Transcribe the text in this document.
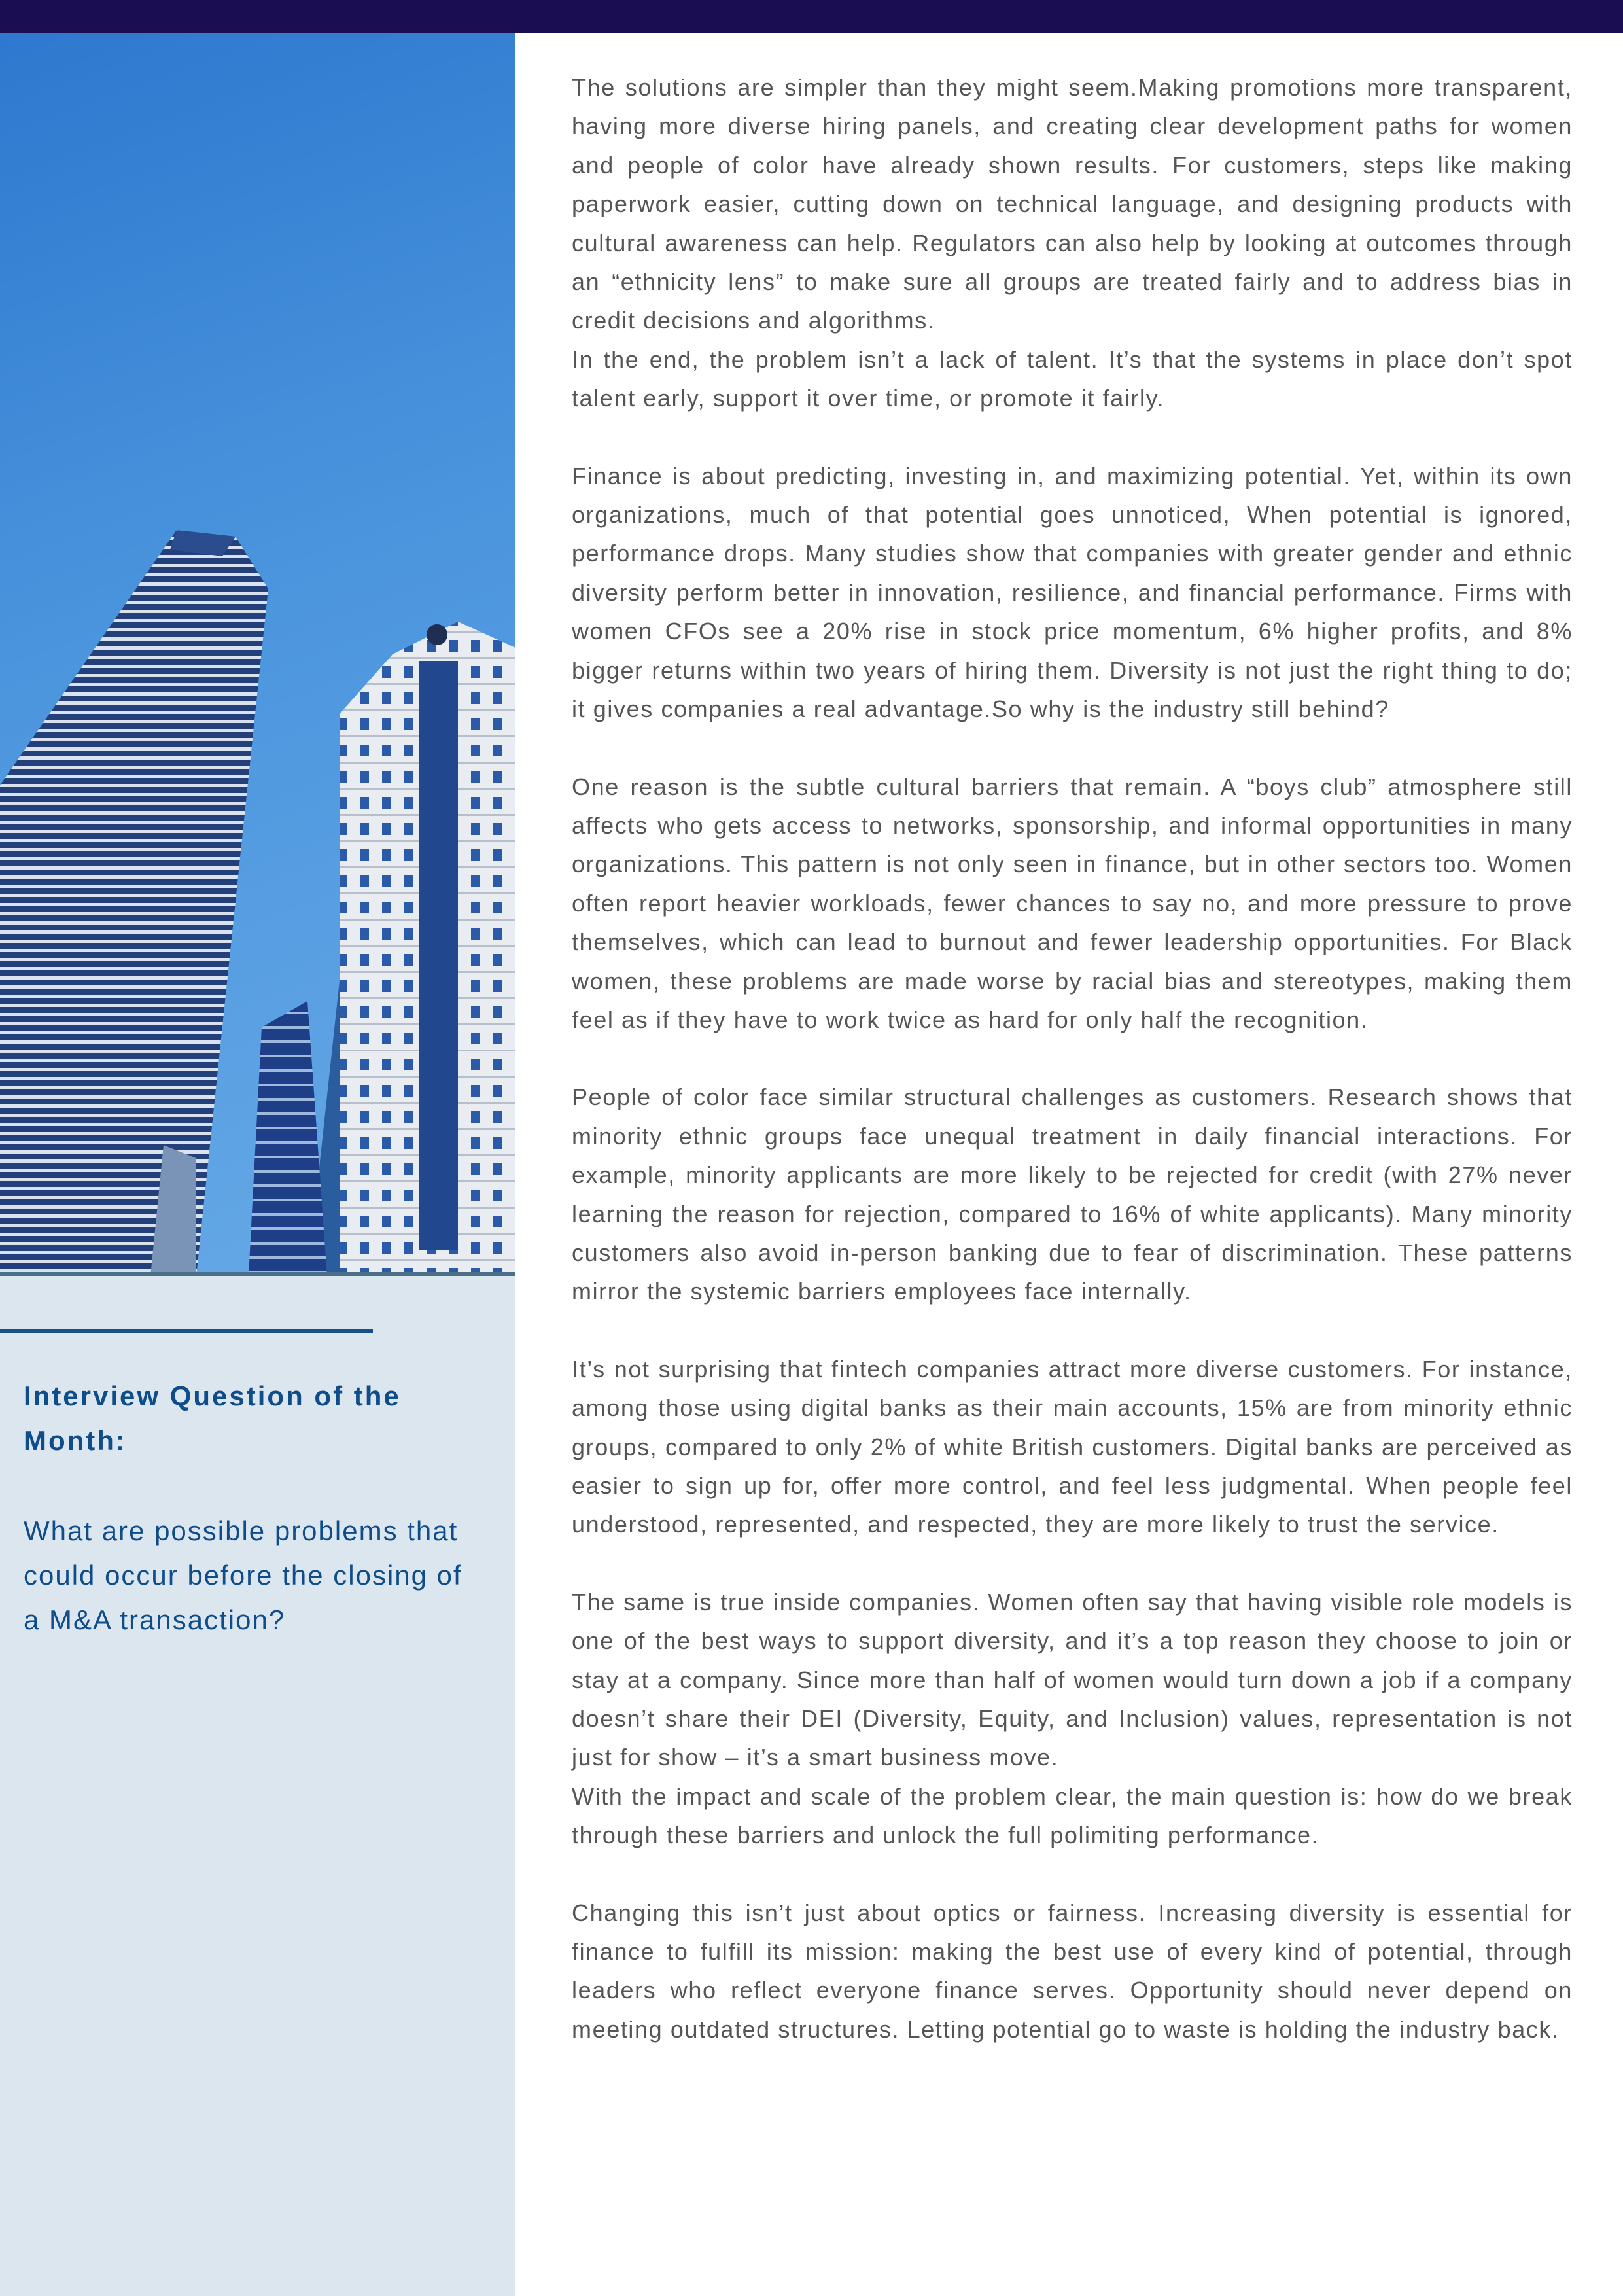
Interview Question of the Month:

What are possible problems that could occur before the closing of a M&A transaction?

The solutions are simpler than they might seem.Making promotions more transparent, having more diverse hiring panels, and creating clear development paths for women and people of color have already shown results. For customers, steps like making paperwork easier, cutting down on technical language, and designing products with cultural awareness can help. Regulators can also help by looking at outcomes through an “ethnicity lens” to make sure all groups are treated fairly and to address bias in credit decisions and algorithms.
In the end, the problem isn’t a lack of talent. It’s that the systems in place don’t spot talent early, support it over time, or promote it fairly.

Finance is about predicting, investing in, and maximizing potential. Yet, within its own organizations, much of that potential goes unnoticed, When potential is ignored, performance drops. Many studies show that companies with greater gender and ethnic diversity perform better in innovation, resilience, and financial performance. Firms with women CFOs see a 20% rise in stock price momentum, 6% higher profits, and 8% bigger returns within two years of hiring them. Diversity is not just the right thing to do; it gives companies a real advantage.So why is the industry still behind?

One reason is the subtle cultural barriers that remain. A “boys club” atmosphere still affects who gets access to networks, sponsorship, and informal opportunities in many organizations. This pattern is not only seen in finance, but in other sectors too. Women often report heavier workloads, fewer chances to say no, and more pressure to prove themselves, which can lead to burnout and fewer leadership opportunities. For Black women, these problems are made worse by racial bias and stereotypes, making them feel as if they have to work twice as hard for only half the recognition.

People of color face similar structural challenges as customers. Research shows that minority ethnic groups face unequal treatment in daily financial interactions. For example, minority applicants are more likely to be rejected for credit (with 27% never learning the reason for rejection, compared to 16% of white applicants). Many minority customers also avoid in-person banking due to fear of discrimination. These patterns mirror the systemic barriers employees face internally.

It’s not surprising that fintech companies attract more diverse customers. For instance, among those using digital banks as their main accounts, 15% are from minority ethnic groups, compared to only 2% of white British customers. Digital banks are perceived as easier to sign up for, offer more control, and feel less judgmental. When people feel understood, represented, and respected, they are more likely to trust the service.

The same is true inside companies. Women often say that having visible role models is one of the best ways to support diversity, and it’s a top reason they choose to join or stay at a company. Since more than half of women would turn down a job if a company doesn’t share their DEI (Diversity, Equity, and Inclusion) values, representation is not just for show – it’s a smart business move.
With the impact and scale of the problem clear, the main question is: how do we break through these barriers and unlock the full polimiting performance.

Changing this isn’t just about optics or fairness. Increasing diversity is essential for finance to fulfill its mission: making the best use of every kind of potential, through leaders who reflect everyone finance serves. Opportunity should never depend on meeting outdated structures. Letting potential go to waste is holding the industry back.
